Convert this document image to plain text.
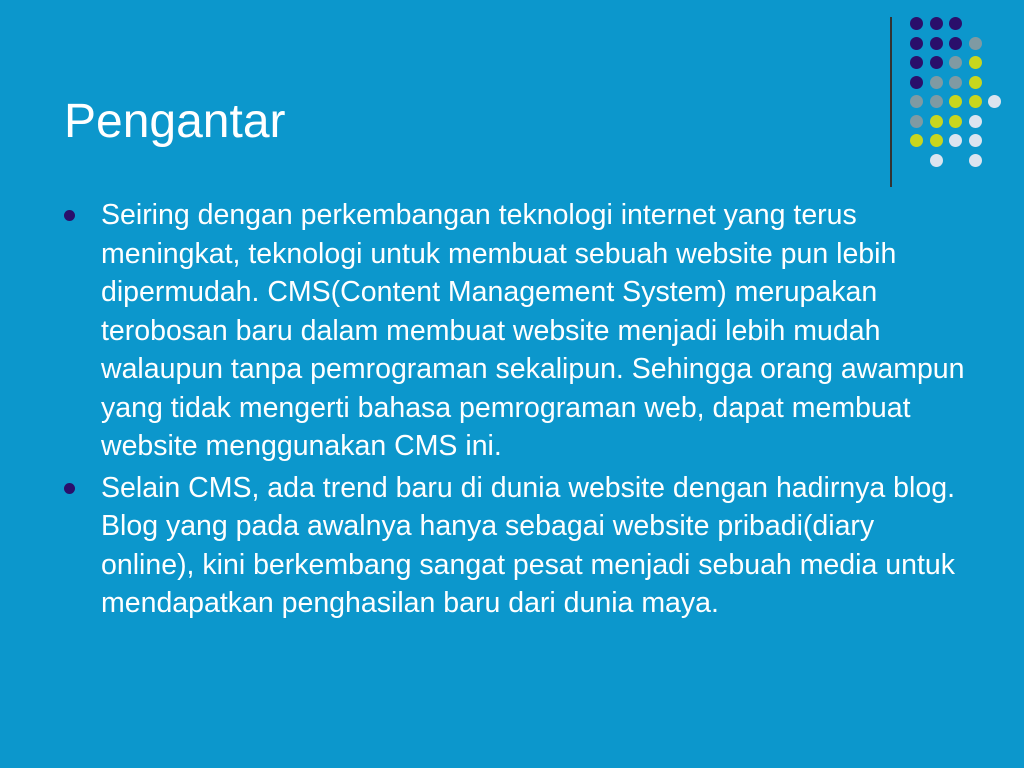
Pengantar
Seiring dengan perkembangan teknologi internet yang terus meningkat, teknologi untuk membuat sebuah website pun lebih dipermudah. CMS(Content Management System) merupakan terobosan baru dalam membuat website menjadi lebih mudah walaupun tanpa pemrograman sekalipun. Sehingga orang awampun yang tidak mengerti bahasa pemrograman web, dapat membuat website menggunakan CMS ini.
Selain CMS, ada trend baru di dunia website dengan hadirnya blog. Blog yang pada awalnya hanya sebagai website pribadi(diary online), kini berkembang sangat pesat menjadi sebuah media untuk mendapatkan penghasilan baru dari dunia maya.
